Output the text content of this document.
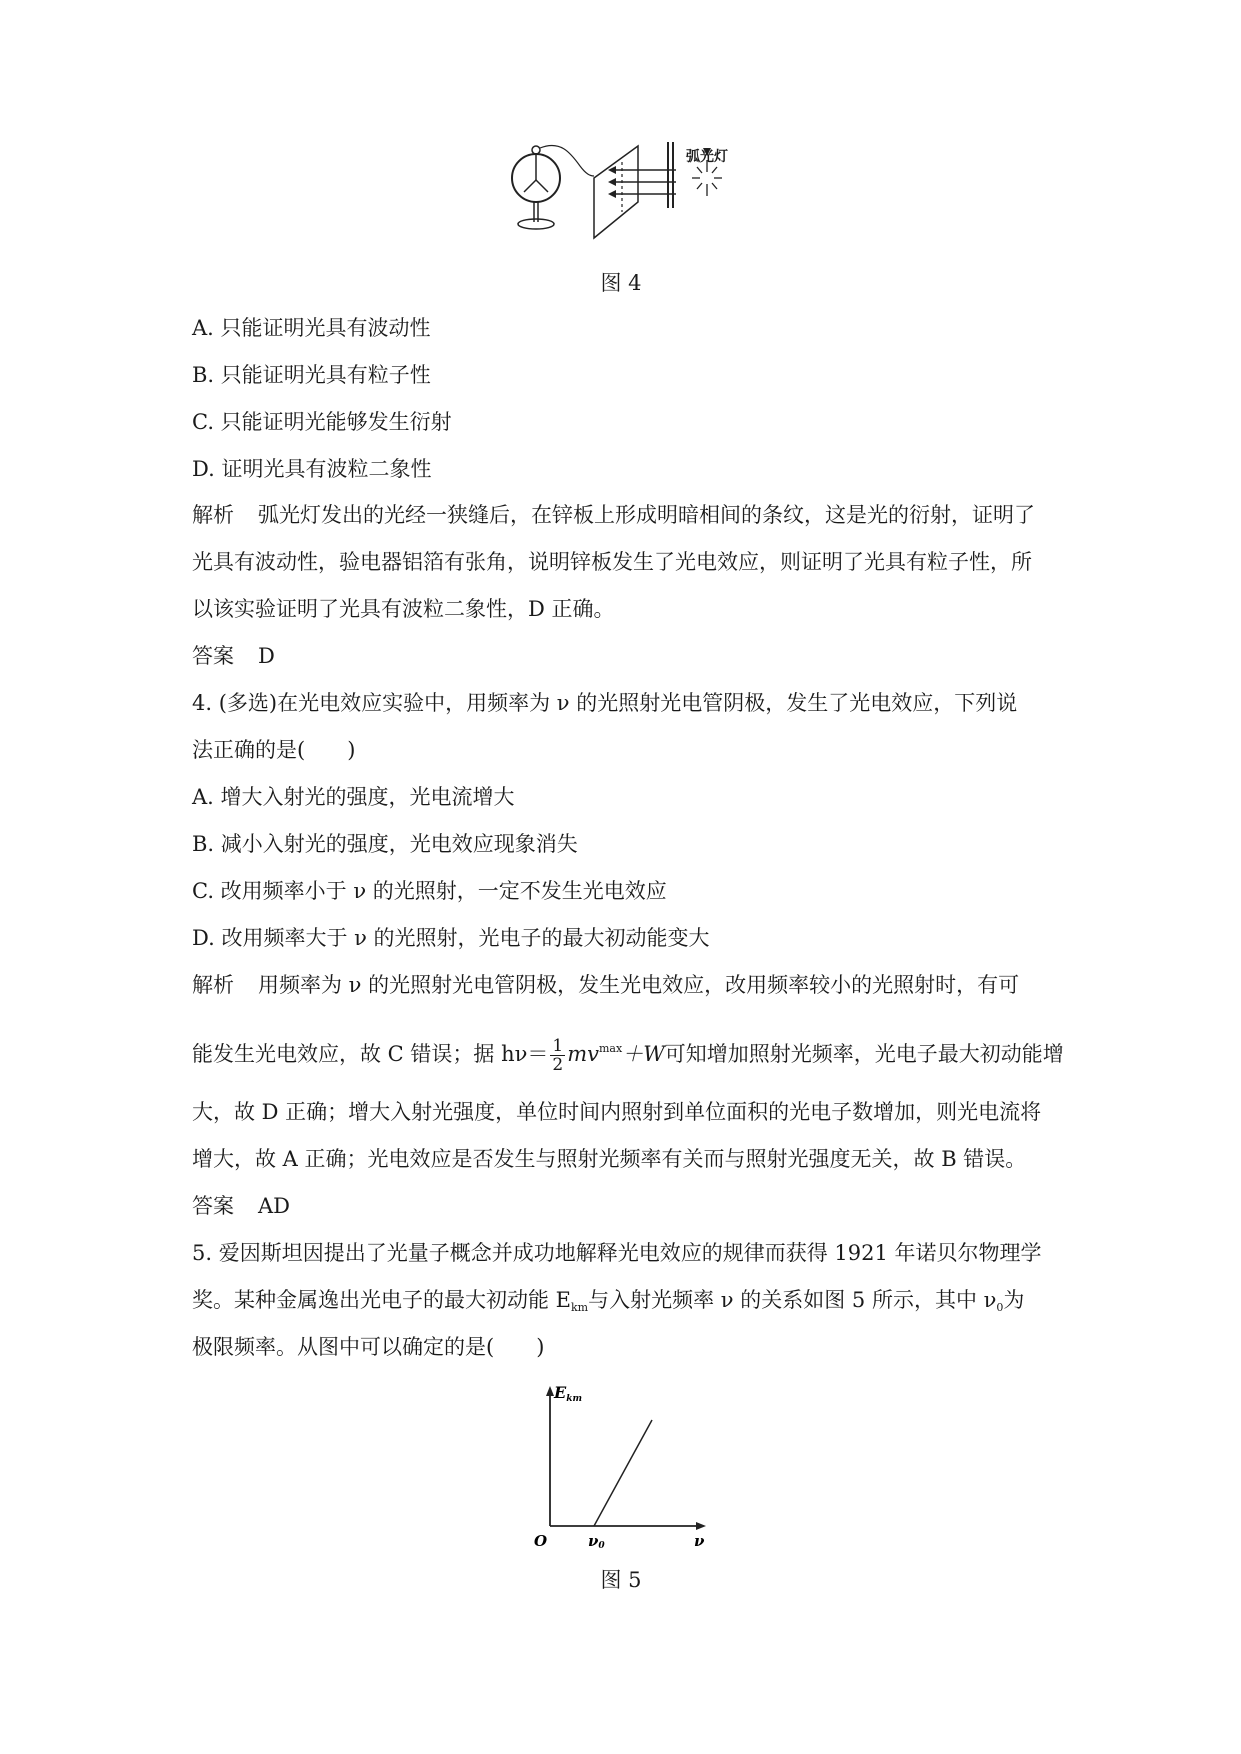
弧光灯
图 4
A. 只能证明光具有波动性
B. 只能证明光具有粒子性
C. 只能证明光能够发生衍射
D. 证明光具有波粒二象性
解析 弧光灯发出的光经一狭缝后，在锌板上形成明暗相间的条纹，这是光的衍射，证明了
光具有波动性，验电器铝箔有张角，说明锌板发生了光电效应，则证明了光具有粒子性，所
以该实验证明了光具有波粒二象性，D 正确。
答案 D
4. (多选)在光电效应实验中，用频率为 ν 的光照射光电管阴极，发生了光电效应，下列说
法正确的是(　　)
A. 增大入射光的强度，光电流增大
B. 减小入射光的强度，光电效应现象消失
C. 改用频率小于 ν 的光照射，一定不发生光电效应
D. 改用频率大于 ν 的光照射，光电子的最大初动能变大
解析 用频率为 ν 的光照射光电管阴极，发生光电效应，改用频率较小的光照射时，有可
能发生光电效应，故 C 错误；据 $h\nu= \frac{1}{2} mv^{max}+W$可知增加照射光频率，光电子最大初动能增
大，故 D 正确；增大入射光强度，单位时间内照射到单位面积的光电子数增加，则光电流将
增大，故 A 正确；光电效应是否发生与照射光频率有关而与照射光强度无关，故 B 错误。
答案 AD
5. 爱因斯坦因提出了光量子概念并成功地解释光电效应的规律而获得 1921 年诺贝尔物理学
奖。某种金属逸出光电子的最大初动能 $E_{km}$与入射光频率 ν 的关系如图 5 所示，其中 $\nu_0$为
极限频率。从图中可以确定的是(　　)
Ekm
O	ν0	ν
图 5
